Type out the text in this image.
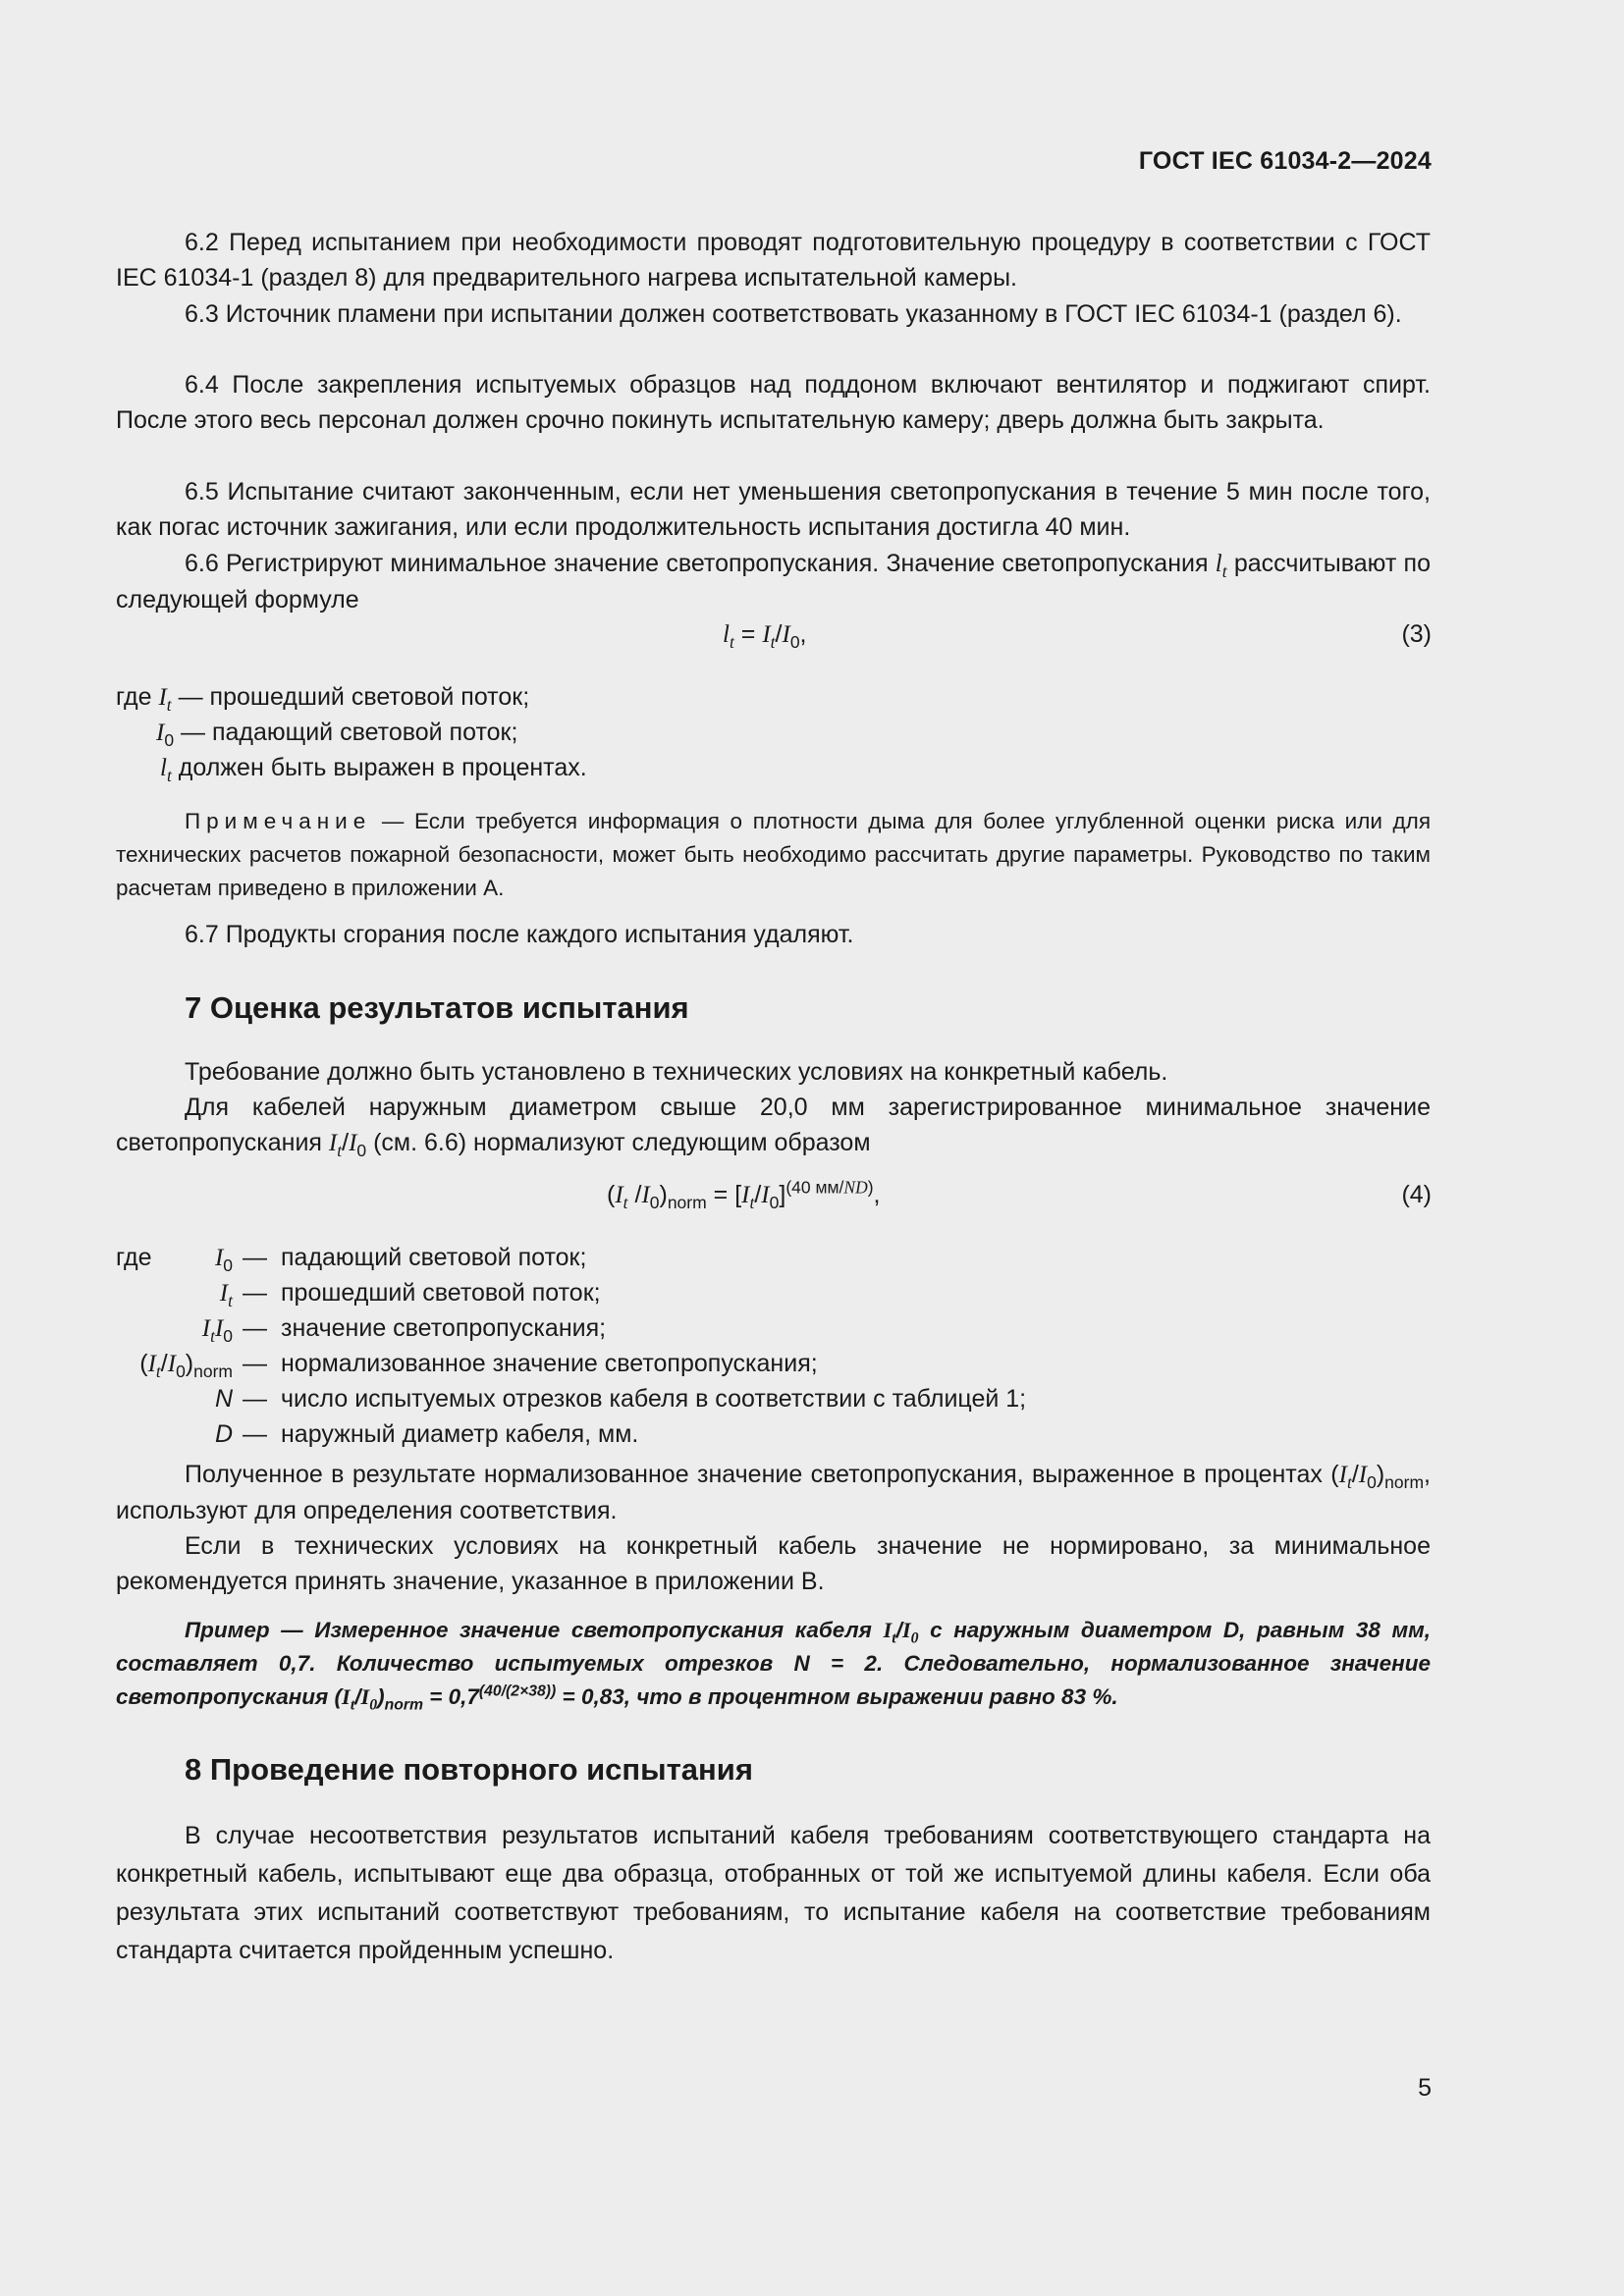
ГОСТ IEC 61034-2—2024
6.2 Перед испытанием при необходимости проводят подготовительную процедуру в соответствии с ГОСТ IEC 61034-1 (раздел 8) для предварительного нагрева испытательной камеры.
6.3 Источник пламени при испытании должен соответствовать указанному в ГОСТ IEC 61034-1 (раздел 6).
6.4 После закрепления испытуемых образцов над поддоном включают вентилятор и поджигают спирт. После этого весь персонал должен срочно покинуть испытательную камеру; дверь должна быть закрыта.
6.5 Испытание считают законченным, если нет уменьшения светопропускания в течение 5 мин после того, как погас источник зажигания, или если продолжительность испытания достигла 40 мин.
6.6 Регистрируют минимальное значение светопропускания. Значение светопропускания $l_t$ рассчитывают по следующей формуле
$l_t = I_t/I_0$,	(3)
где $I_t$ — прошедший световой поток;
$I_0$ — падающий световой поток;
$l_t$ должен быть выражен в процентах.
Примечание — Если требуется информация о плотности дыма для более углубленной оценки риска или для технических расчетов пожарной безопасности, может быть необходимо рассчитать другие параметры. Руководство по таким расчетам приведено в приложении А.
6.7 Продукты сгорания после каждого испытания удаляют.
7 Оценка результатов испытания
Требование должно быть установлено в технических условиях на конкретный кабель.
Для кабелей наружным диаметром свыше 20,0 мм зарегистрированное минимальное значение светопропускания $I_t/I_0$ (см. 6.6) нормализуют следующим образом
($I_t$ $/I_0)_{norm} = [I_t/I_0]^{(40 мм/ND)}$,	(4)
где	$I_0$ — падающий световой поток;
$I_t$ — прошедший световой поток;
$I_tI_0$ — значение светопропускания;
$(I_t/I_0)_{norm}$ — нормализованное значение светопропускания;
N — число испытуемых отрезков кабеля в соответствии с таблицей 1;
D — наружный диаметр кабеля, мм.
Полученное в результате нормализованное значение светопропускания, выраженное в процентах $(I_t/I_0)_{norm}$, используют для определения соответствия.
Если в технических условиях на конкретный кабель значение не нормировано, за минимальное рекомендуется принять значение, указанное в приложении В.
Пример — Измеренное значение светопропускания кабеля $I_t/I_0$ с наружным диаметром D, равным 38 мм, составляет 0,7. Количество испытуемых отрезков N = 2. Следовательно, нормализованное значение светопропускания $(I_t/I_0)_{norm} = 0,7^{(40/(2\times 38))} = 0,83$, что в процентном выражении равно 83 %.
8 Проведение повторного испытания
В случае несоответствия результатов испытаний кабеля требованиям соответствующего стандарта на конкретный кабель, испытывают еще два образца, отобранных от той же испытуемой длины кабеля. Если оба результата этих испытаний соответствуют требованиям, то испытание кабеля на соответствие требованиям стандарта считается пройденным успешно.
5
